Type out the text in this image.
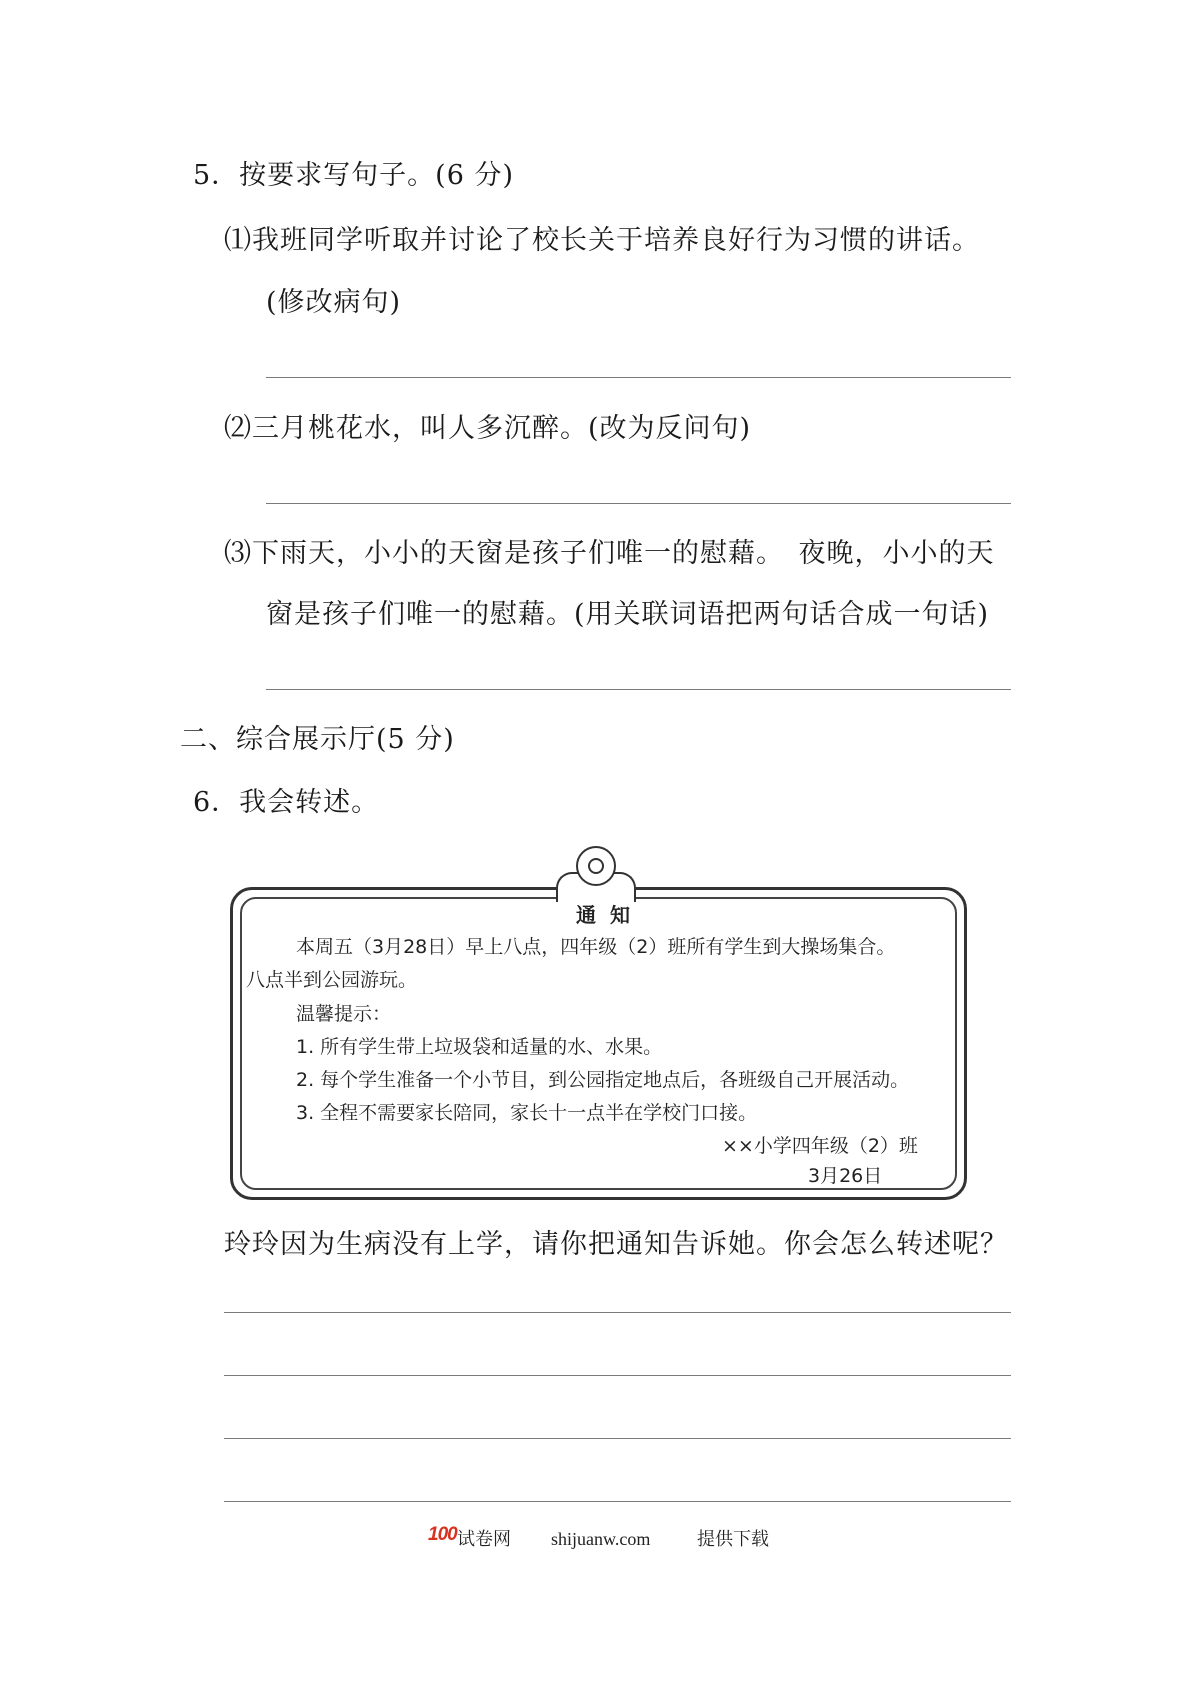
5．按要求写句子。(6 分)
⑴我班同学听取并讨论了校长关于培养良好行为习惯的讲话。
(修改病句)
⑵三月桃花水，叫人多沉醉。(改为反问句)
⑶下雨天，小小的天窗是孩子们唯一的慰藉。　夜晚，小小的天
窗是孩子们唯一的慰藉。(用关联词语把两句话合成一句话)
二、综合展示厅(5 分)
6．我会转述。
通知
本周五（3月28日）早上八点，四年级（2）班所有学生到大操场集合。
八点半到公园游玩。
温馨提示：
1. 所有学生带上垃圾袋和适量的水、水果。
2. 每个学生准备一个小节目，到公园指定地点后，各班级自己开展活动。
3. 全程不需要家长陪同，家长十一点半在学校门口接。
××小学四年级（2）班
3月26日
玲玲因为生病没有上学，请你把通知告诉她。你会怎么转述呢？
100 试卷网 shijuanw.com	提供下载
